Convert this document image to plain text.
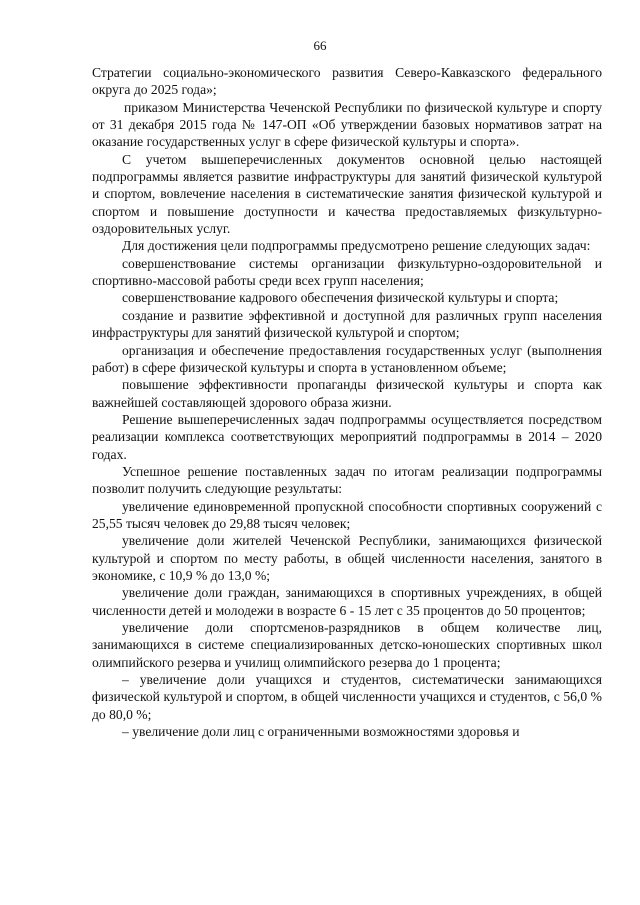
66

Стратегии социально-экономического развития Северо-Кавказского федерального округа до 2025 года»;

приказом Министерства Чеченской Республики по физической культуре и спорту от 31 декабря 2015 года № 147-ОП «Об утверждении базовых нормативов затрат на оказание государственных услуг в сфере физической культуры и спорта».

С учетом вышеперечисленных документов основной целью настоящей подпрограммы является развитие инфраструктуры для занятий физической культурой и спортом, вовлечение населения в систематические занятия физической культурой и спортом и повышение доступности и качества предоставляемых физкультурно-оздоровительных услуг.

Для достижения цели подпрограммы предусмотрено решение следующих задач:

совершенствование системы организации физкультурно-оздоровительной и спортивно-массовой работы среди всех групп населения;

совершенствование кадрового обеспечения физической культуры и спорта;

создание и развитие эффективной и доступной для различных групп населения инфраструктуры для занятий физической культурой и спортом;

организация и обеспечение предоставления государственных услуг (выполнения работ) в сфере физической культуры и спорта в установленном объеме;

повышение эффективности пропаганды физической культуры и спорта как важнейшей составляющей здорового образа жизни.

Решение вышеперечисленных задач подпрограммы осуществляется посредством реализации комплекса соответствующих мероприятий подпрограммы в 2014 – 2020 годах.

Успешное решение поставленных задач по итогам реализации подпрограммы позволит получить следующие результаты:

увеличение единовременной пропускной способности спортивных сооружений с 25,55 тысяч человек до 29,88 тысяч человек;

увеличение доли жителей Чеченской Республики, занимающихся физической культурой и спортом по месту работы, в общей численности населения, занятого в экономике, с 10,9 % до 13,0 %;

увеличение доли граждан, занимающихся в спортивных учреждениях, в общей численности детей и молодежи в возрасте 6 - 15 лет с 35 процентов до 50 процентов;

увеличение доли спортсменов-разрядников в общем количестве лиц, занимающихся в системе специализированных детско-юношеских спортивных школ олимпийского резерва и училищ олимпийского резерва до 1 процента;

– увеличение доли учащихся и студентов, систематически занимающихся физической культурой и спортом, в общей численности учащихся и студентов, с 56,0 % до 80,0 %;

– увеличение доли лиц с ограниченными возможностями здоровья и
